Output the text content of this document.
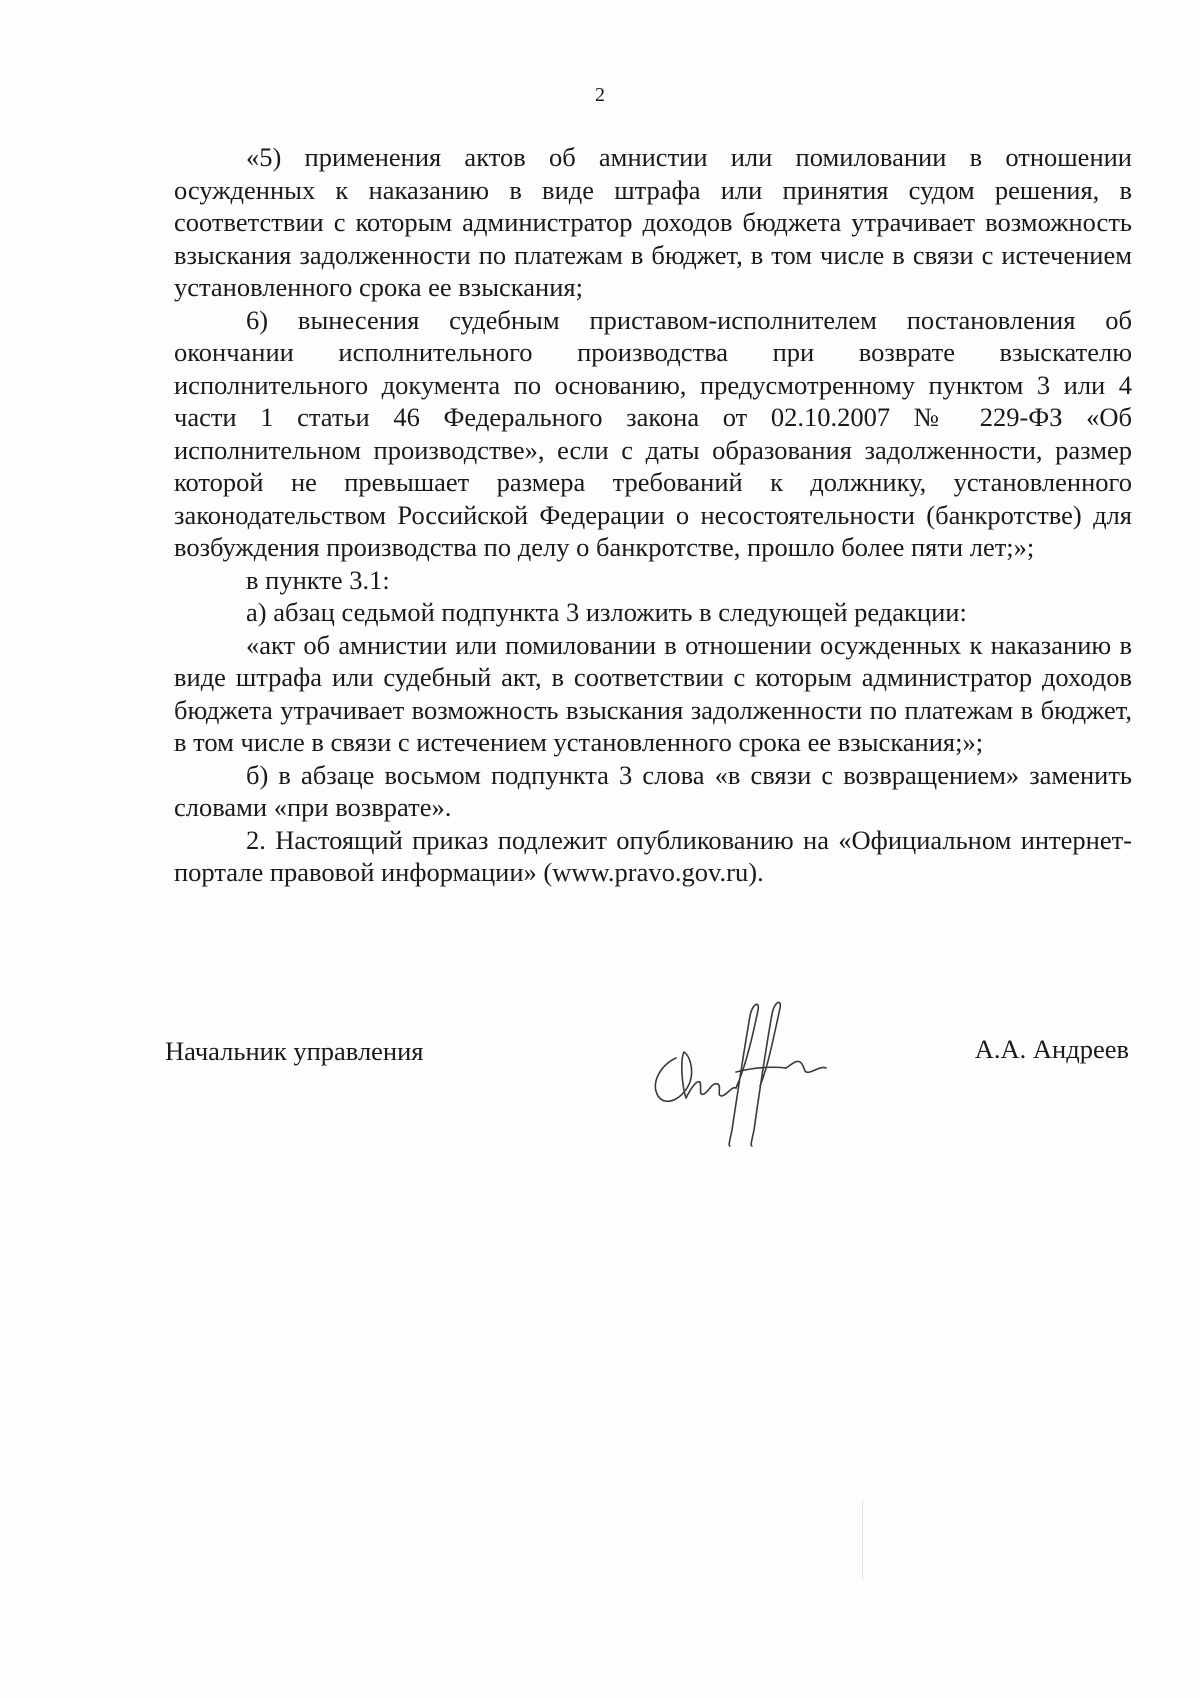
2

«5) применения актов об амнистии или помиловании в отношении осужденных к наказанию в виде штрафа или принятия судом решения, в соответствии с которым администратор доходов бюджета утрачивает возможность взыскания задолженности по платежам в бюджет, в том числе в связи с истечением установленного срока ее взыскания;

6) вынесения судебным приставом-исполнителем постановления об окончании исполнительного производства при возврате взыскателю исполнительного документа по основанию, предусмотренному пунктом 3 или 4 части 1 статьи 46 Федерального закона от 02.10.2007 № 229-ФЗ «Об исполнительном производстве», если с даты образования задолженности, размер которой не превышает размера требований к должнику, установленного законодательством Российской Федерации о несостоятельности (банкротстве) для возбуждения производства по делу о банкротстве, прошло более пяти лет;»;

в пункте 3.1:

а) абзац седьмой подпункта 3 изложить в следующей редакции:

«акт об амнистии или помиловании в отношении осужденных к наказанию в виде штрафа или судебный акт, в соответствии с которым администратор доходов бюджета утрачивает возможность взыскания задолженности по платежам в бюджет, в том числе в связи с истечением установленного срока ее взыскания;»;

б) в абзаце восьмом подпункта 3 слова «в связи с возвращением» заменить словами «при возврате».

2. Настоящий приказ подлежит опубликованию на «Официальном интернет-портале правовой информации» (www.pravo.gov.ru).

Начальник управления	А.А. Андреев
